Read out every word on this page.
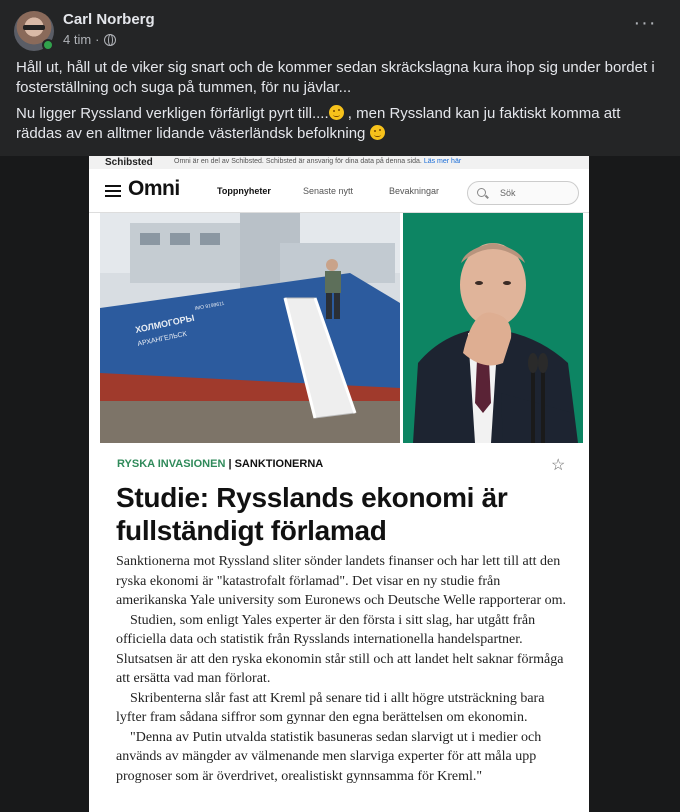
Carl Norberg
4 tim ·
···

Håll ut, håll ut de viker sig snart och de kommer sedan skräckslagna kura ihop sig under bordet i fosterställning och suga på tummen, för nu jävlar...

Nu ligger Ryssland verkligen förfärligt pyrt till.... , men Ryssland kan ju faktiskt komma att räddas av en alltmer lidande västerländsk befolkning

Schibsted	Omni är en del av Schibsted. Schibsted är ansvarig för dina data på denna sida. Läs mer här
Omni	Toppnyheter	Senaste nytt	Bevakningar	Sök
ХОЛМОГОРЫ
АРХАНГЕЛЬСК
IMO 9199611
RYSKA INVASIONEN | SANKTIONERNA	☆
Studie: Rysslands ekonomi är fullständigt förlamad

Sanktionerna mot Ryssland sliter sönder landets finanser och har lett till att den ryska ekonomi är "katastrofalt förlamad". Det visar en ny studie från amerikanska Yale university som Euronews och Deutsche Welle rapporterar om.

Studien, som enligt Yales experter är den första i sitt slag, har utgått från officiella data och statistik från Rysslands internationella handelspartner. Slutsatsen är att den ryska ekonomin står still och att landet helt saknar förmåga att ersätta vad man förlorat.

Skribenterna slår fast att Kreml på senare tid i allt högre utsträckning bara lyfter fram sådana siffror som gynnar den egna berättelsen om ekonomin.

"Denna av Putin utvalda statistik basuneras sedan slarvigt ut i medier och används av mängder av välmenande men slarviga experter för att måla upp prognoser som är överdrivet, orealistiskt gynnsamma för Kreml."
